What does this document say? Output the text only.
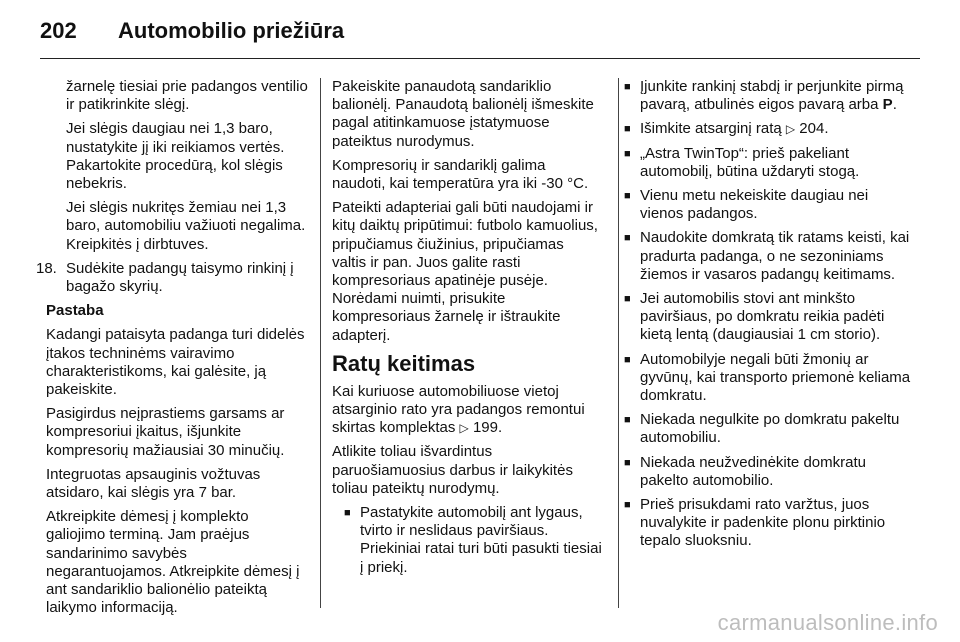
202 Automobilio priežiūra

žarnelę tiesiai prie padangos ventilio ir patikrinkite slėgį.

Jei slėgis daugiau nei 1,3 baro, nustatykite jį iki reikiamos vertės. Pakartokite procedūrą, kol slėgis nebekris.

Jei slėgis nukritęs žemiau nei 1,3 baro, automobiliu važiuoti negalima. Kreipkitės į dirbtuves.

18. Sudėkite padangų taisymo rinkinį į bagažo skyrių.

Pastaba

Kadangi pataisyta padanga turi didelės įtakos techninėms vairavimo charakteristikoms, kai galėsite, ją pakeiskite.

Pasigirdus neįprastiems garsams ar kompresoriui įkaitus, išjunkite kompresorių mažiausiai 30 minučių.

Integruotas apsauginis vožtuvas atsidaro, kai slėgis yra 7 bar.

Atkreipkite dėmesį į komplekto galiojimo terminą. Jam praėjus sandarinimo savybės negarantuojamos. Atkreipkite dėmesį į ant sandariklio balionėlio pateiktą laikymo informaciją.

Pakeiskite panaudotą sandariklio balionėlį. Panaudotą balionėlį išmeskite pagal atitinkamuose įstatymuose pateiktus nurodymus.

Kompresorių ir sandariklį galima naudoti, kai temperatūra yra iki -30 °C.

Pateikti adapteriai gali būti naudojami ir kitų daiktų pripūtimui: futbolo kamuolius, pripučiamus čiužinius, pripučiamas valtis ir pan. Juos galite rasti kompresoriaus apatinėje pusėje. Norėdami nuimti, prisukite kompresoriaus žarnelę ir ištraukite adapterį.

Ratų keitimas

Kai kuriuose automobiliuose vietoj atsarginio rato yra padangos remontui skirtas komplektas ▷ 199.

Atlikite toliau išvardintus paruošiamuosius darbus ir laikykitės toliau pateiktų nurodymų.

■ Pastatykite automobilį ant lygaus, tvirto ir neslidaus paviršiaus. Priekiniai ratai turi būti pasukti tiesiai į priekį.
■ Įjunkite rankinį stabdį ir perjunkite pirmą pavarą, atbulinės eigos pavarą arba P.
■ Išimkite atsarginį ratą ▷ 204.
■ „Astra TwinTop“: prieš pakeliant automobilį, būtina uždaryti stogą.
■ Vienu metu nekeiskite daugiau nei vienos padangos.
■ Naudokite domkratą tik ratams keisti, kai pradurta padanga, o ne sezoniniams žiemos ir vasaros padangų keitimams.
■ Jei automobilis stovi ant minkšto paviršiaus, po domkratu reikia padėti kietą lentą (daugiausiai 1 cm storio).
■ Automobilyje negali būti žmonių ar gyvūnų, kai transporto priemonė keliama domkratu.
■ Niekada negulkite po domkratu pakeltu automobiliu.
■ Niekada neužvedinėkite domkratu pakelto automobilio.
■ Prieš prisukdami rato varžtus, juos nuvalykite ir padenkite plonu pirktinio tepalo sluoksniu.
carmanualsonline.info
